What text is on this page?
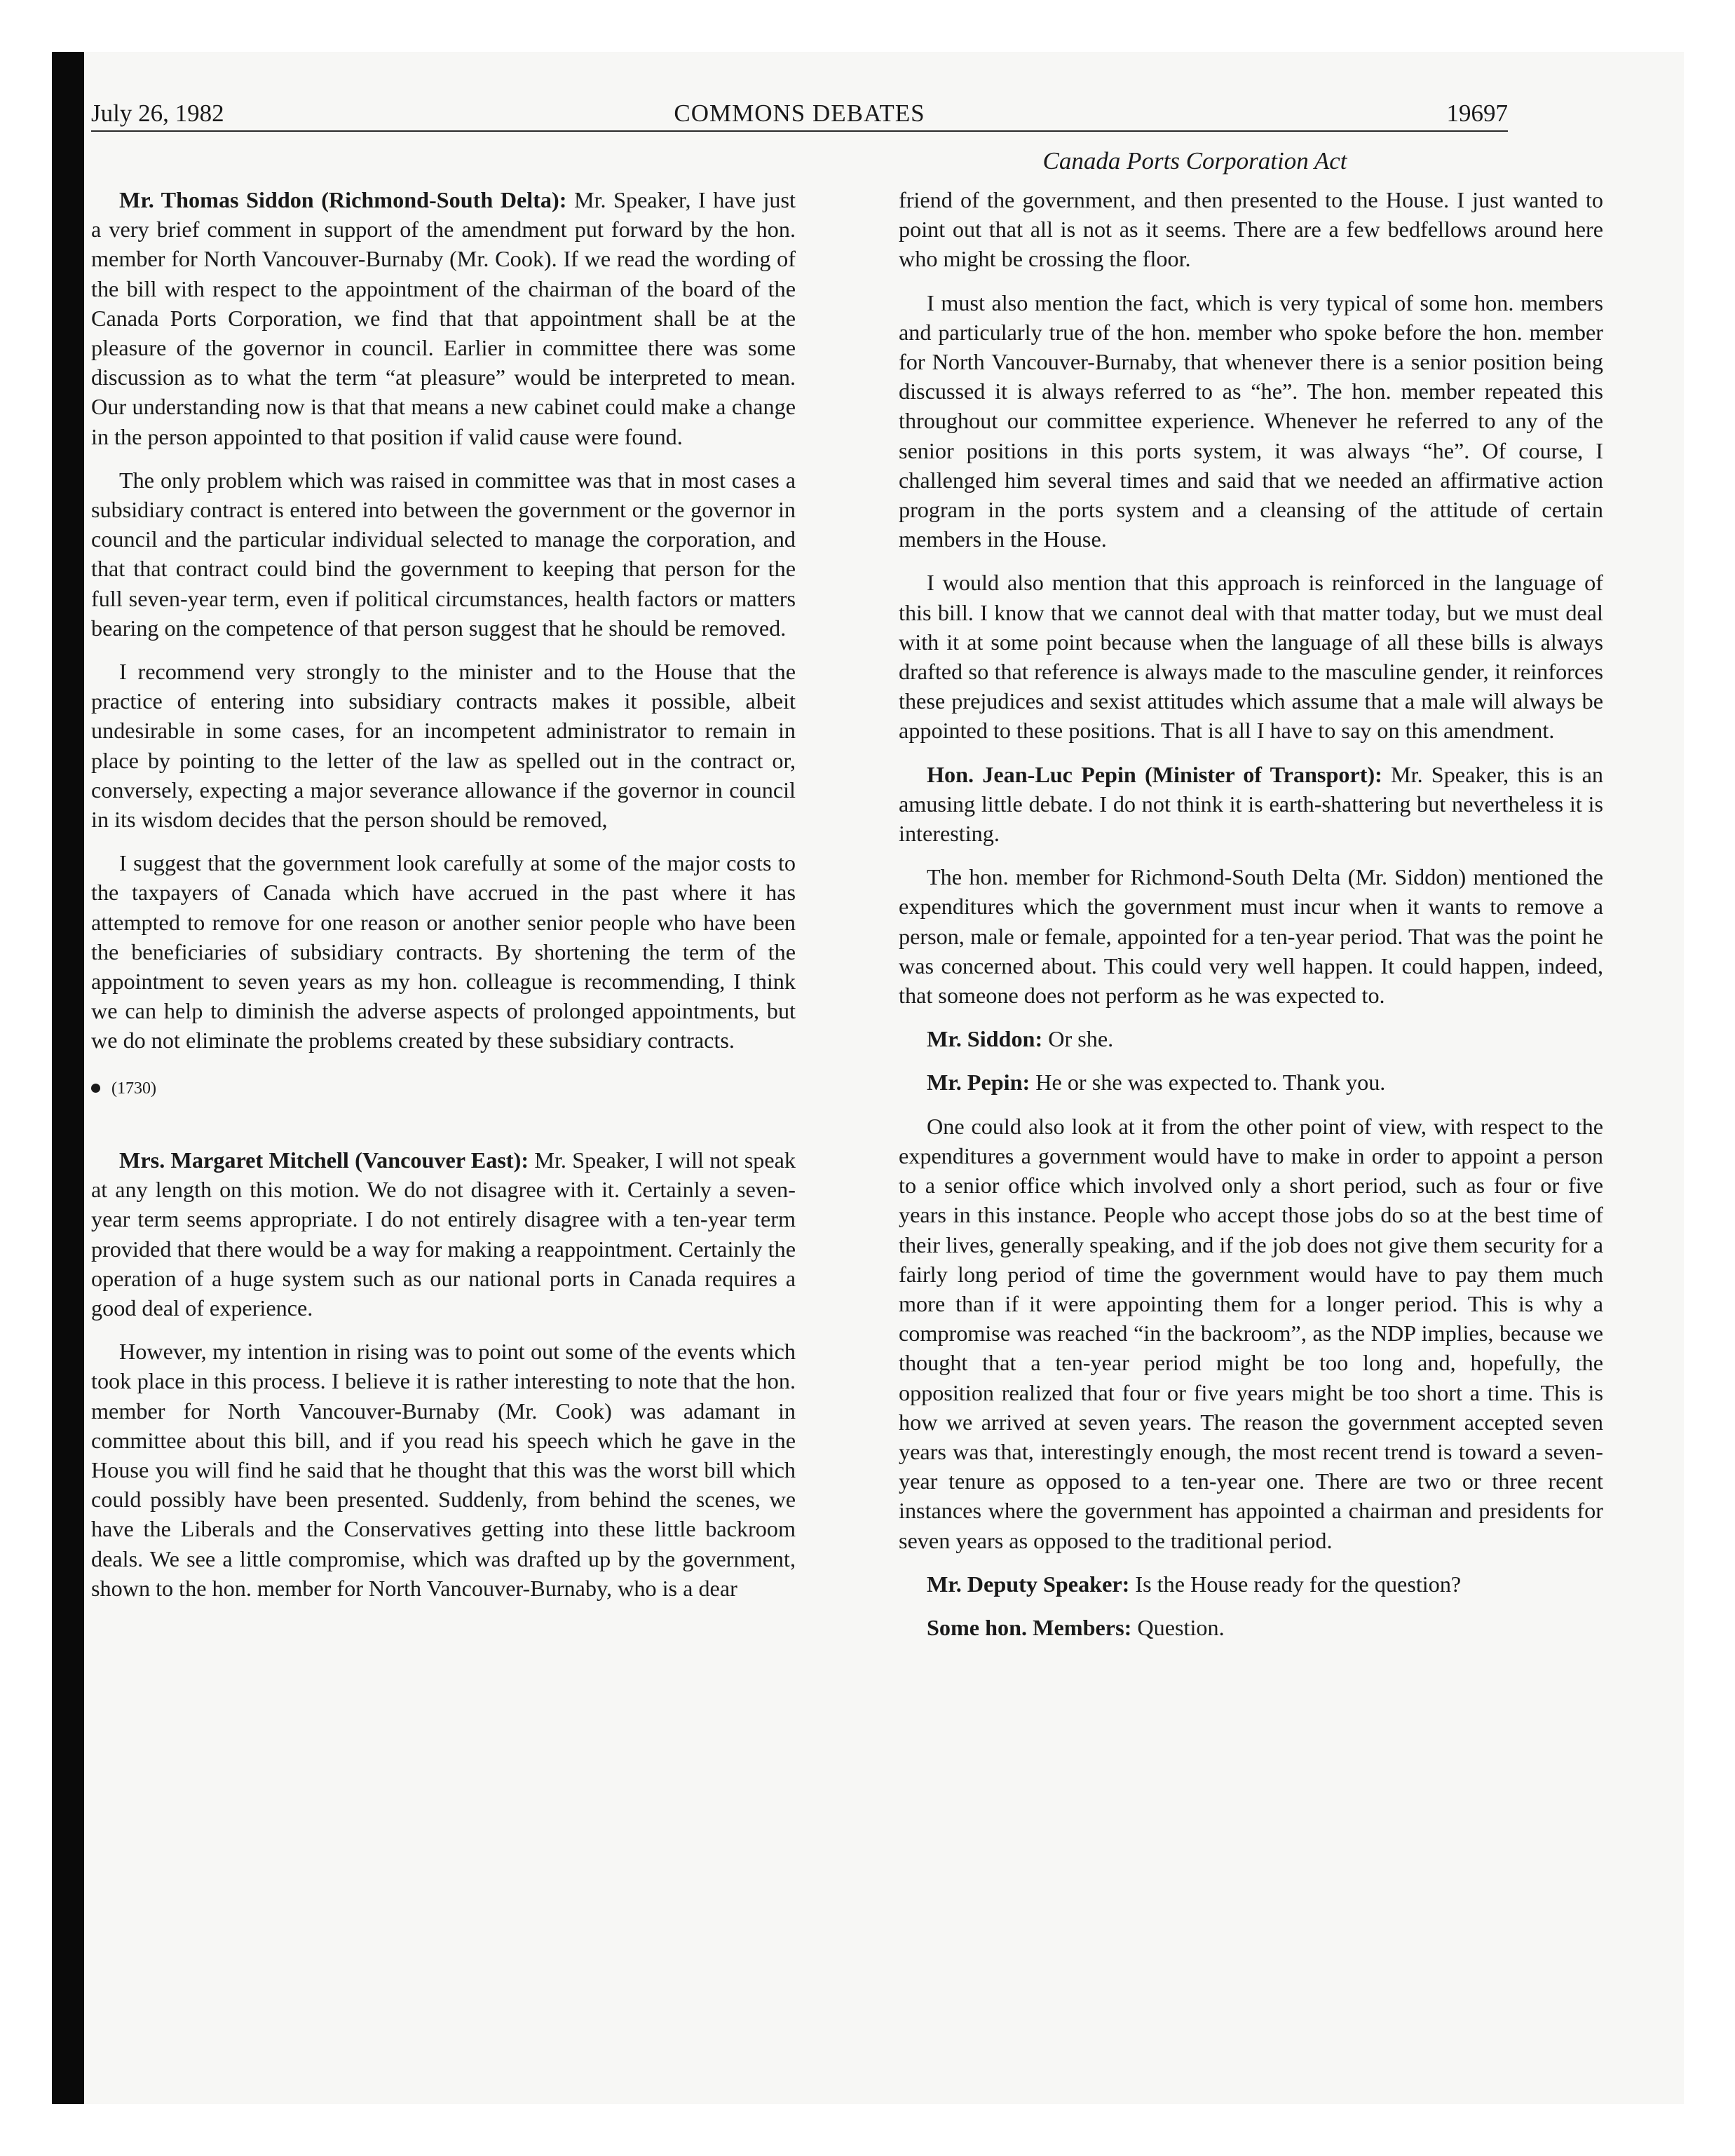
July 26, 1982	COMMONS DEBATES	19697
Canada Ports Corporation Act

Mr. Thomas Siddon (Richmond-South Delta): Mr. Speaker, I have just a very brief comment in support of the amendment put forward by the hon. member for North Vancouver-Burnaby (Mr. Cook). If we read the wording of the bill with respect to the appointment of the chairman of the board of the Canada Ports Corporation, we find that that appointment shall be at the pleasure of the governor in council. Earlier in committee there was some discussion as to what the term “at pleasure” would be interpreted to mean. Our understanding now is that that means a new cabinet could make a change in the person appointed to that position if valid cause were found.

The only problem which was raised in committee was that in most cases a subsidiary contract is entered into between the government or the governor in council and the particular individual selected to manage the corporation, and that that contract could bind the government to keeping that person for the full seven-year term, even if political circumstances, health factors or matters bearing on the competence of that person suggest that he should be removed.

I recommend very strongly to the minister and to the House that the practice of entering into subsidiary contracts makes it possible, albeit undesirable in some cases, for an incompetent administrator to remain in place by pointing to the letter of the law as spelled out in the contract or, conversely, expecting a major severance allowance if the governor in council in its wisdom decides that the person should be removed,

I suggest that the government look carefully at some of the major costs to the taxpayers of Canada which have accrued in the past where it has attempted to remove for one reason or another senior people who have been the beneficiaries of subsidiary contracts. By shortening the term of the appointment to seven years as my hon. colleague is recommending, I think we can help to diminish the adverse aspects of prolonged appointments, but we do not eliminate the problems created by these subsidiary contracts.

(1730)

Mrs. Margaret Mitchell (Vancouver East): Mr. Speaker, I will not speak at any length on this motion. We do not disagree with it. Certainly a seven-year term seems appropriate. I do not entirely disagree with a ten-year term provided that there would be a way for making a reappointment. Certainly the operation of a huge system such as our national ports in Canada requires a good deal of experience.

However, my intention in rising was to point out some of the events which took place in this process. I believe it is rather interesting to note that the hon. member for North Vancouver-Burnaby (Mr. Cook) was adamant in committee about this bill, and if you read his speech which he gave in the House you will find he said that he thought that this was the worst bill which could possibly have been presented. Suddenly, from behind the scenes, we have the Liberals and the Conservatives getting into these little backroom deals. We see a little compromise, which was drafted up by the government, shown to the hon. member for North Vancouver-Burnaby, who is a dear

friend of the government, and then presented to the House. I just wanted to point out that all is not as it seems. There are a few bedfellows around here who might be crossing the floor.

I must also mention the fact, which is very typical of some hon. members and particularly true of the hon. member who spoke before the hon. member for North Vancouver-Burnaby, that whenever there is a senior position being discussed it is always referred to as “he”. The hon. member repeated this throughout our committee experience. Whenever he referred to any of the senior positions in this ports system, it was always “he”. Of course, I challenged him several times and said that we needed an affirmative action program in the ports system and a cleansing of the attitude of certain members in the House.

I would also mention that this approach is reinforced in the language of this bill. I know that we cannot deal with that matter today, but we must deal with it at some point because when the language of all these bills is always drafted so that reference is always made to the masculine gender, it reinforces these prejudices and sexist attitudes which assume that a male will always be appointed to these positions. That is all I have to say on this amendment.

Hon. Jean-Luc Pepin (Minister of Transport): Mr. Speaker, this is an amusing little debate. I do not think it is earth-shattering but nevertheless it is interesting.

The hon. member for Richmond-South Delta (Mr. Siddon) mentioned the expenditures which the government must incur when it wants to remove a person, male or female, appointed for a ten-year period. That was the point he was concerned about. This could very well happen. It could happen, indeed, that someone does not perform as he was expected to.

Mr. Siddon: Or she.

Mr. Pepin: He or she was expected to. Thank you.

One could also look at it from the other point of view, with respect to the expenditures a government would have to make in order to appoint a person to a senior office which involved only a short period, such as four or five years in this instance. People who accept those jobs do so at the best time of their lives, generally speaking, and if the job does not give them security for a fairly long period of time the government would have to pay them much more than if it were appointing them for a longer period. This is why a compromise was reached “in the backroom”, as the NDP implies, because we thought that a ten-year period might be too long and, hopefully, the opposition realized that four or five years might be too short a time. This is how we arrived at seven years. The reason the government accepted seven years was that, interestingly enough, the most recent trend is toward a seven-year tenure as opposed to a ten-year one. There are two or three recent instances where the government has appointed a chairman and presidents for seven years as opposed to the traditional period.

Mr. Deputy Speaker: Is the House ready for the question?

Some hon. Members: Question.
